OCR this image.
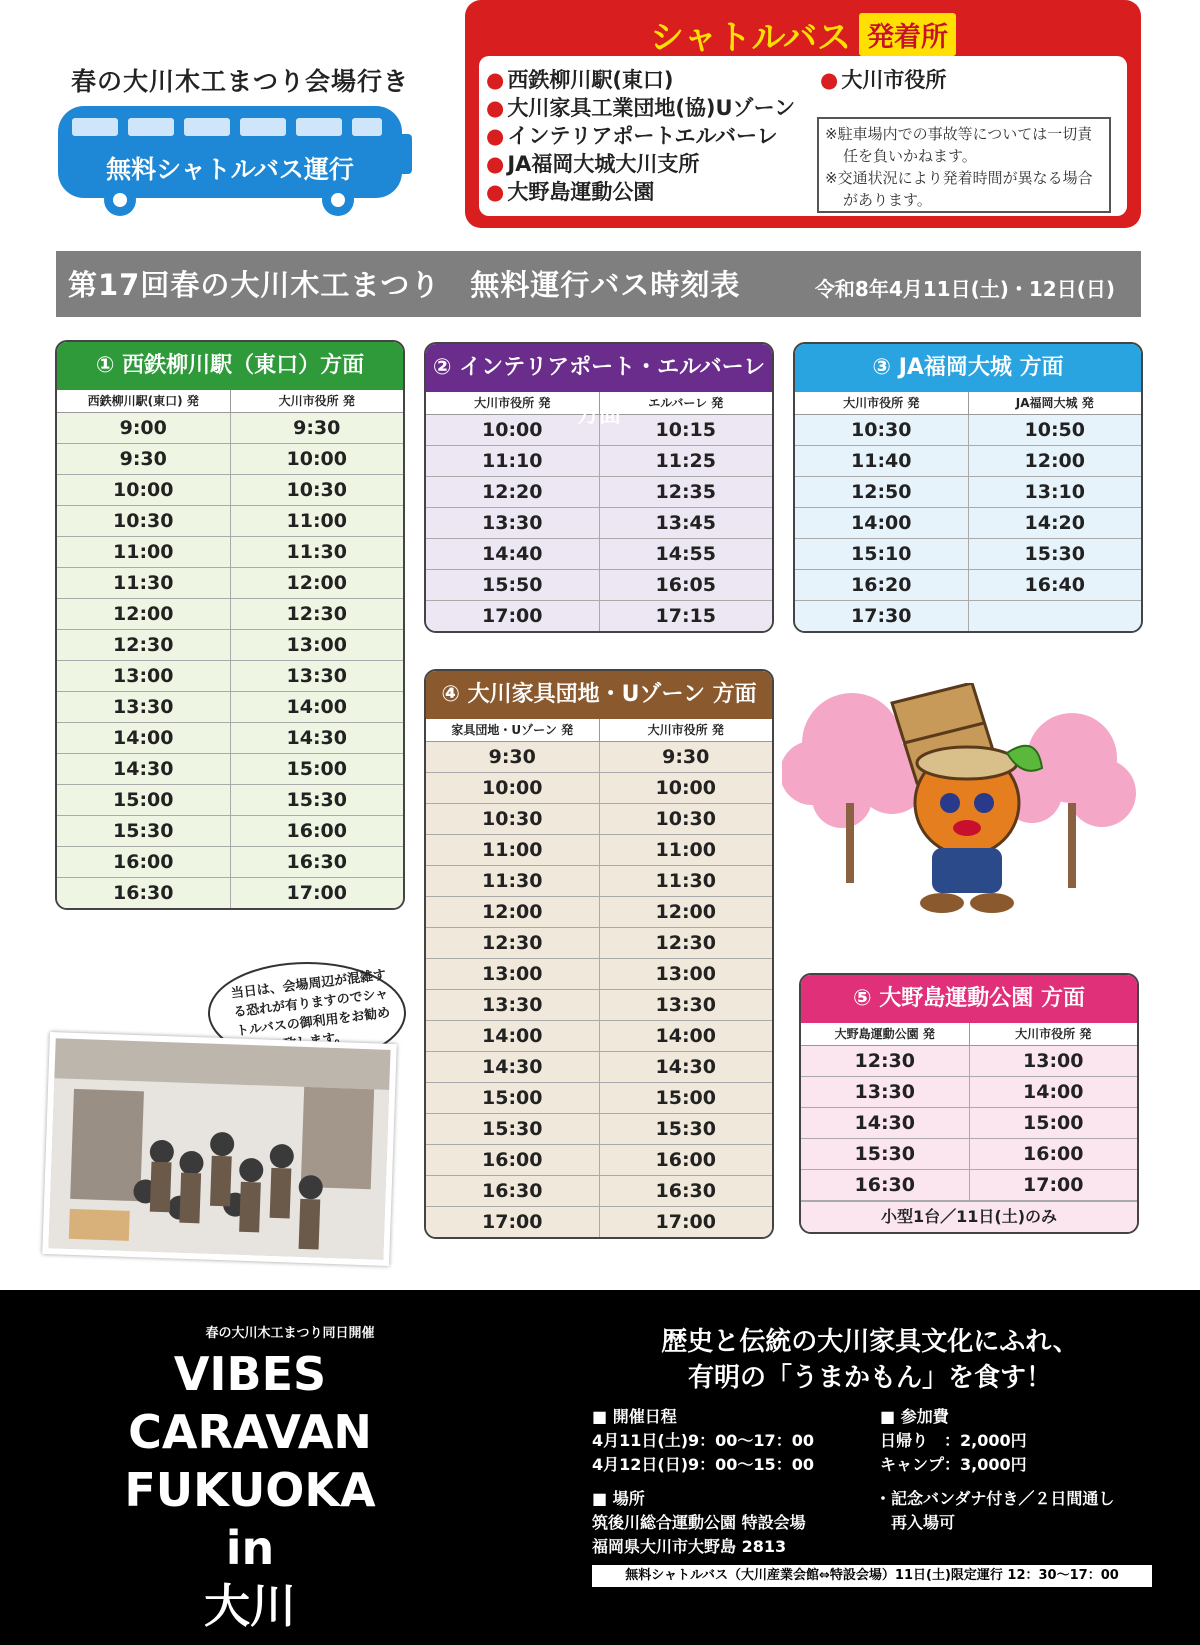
春の大川木工まつり会場行き
無料シャトルバス運行
シャトルバス 発着所
● 西鉄柳川駅(東口)
● 大川家具工業団地(協)Uゾーン
● インテリアポートエルバーレ
● JA福岡大城大川支所
● 大野島運動公園
● 大川市役所
※駐車場内での事故等については一切責任を負いかねます。
※交通状況により発着時間が異なる場合があります。
第17回春の大川木工まつり　無料運行バス時刻表	令和8年4月11日(土)・12日(日)
① 西鉄柳川駅（東口）方面
西鉄柳川駅(東口) 発	大川市役所 発
9:00	9:30
9:30	10:00
10:00	10:30
10:30	11:00
11:00	11:30
11:30	12:00
12:00	12:30
12:30	13:00
13:00	13:30
13:30	14:00
14:00	14:30
14:30	15:00
15:00	15:30
15:30	16:00
16:00	16:30
16:30	17:00
② インテリアポート・エルバーレ 方面
大川市役所 発	エルバーレ 発
10:00	10:15
11:10	11:25
12:20	12:35
13:30	13:45
14:40	14:55
15:50	16:05
17:00	17:15
③ JA福岡大城 方面
大川市役所 発	JA福岡大城 発
10:30	10:50
11:40	12:00
12:50	13:10
14:00	14:20
15:10	15:30
16:20	16:40
17:30
④ 大川家具団地・Uゾーン 方面
家具団地・Uゾーン 発	大川市役所 発
9:30	9:30
10:00	10:00
10:30	10:30
11:00	11:00
11:30	11:30
12:00	12:00
12:30	12:30
13:00	13:00
13:30	13:30
14:00	14:00
14:30	14:30
15:00	15:00
15:30	15:30
16:00	16:00
16:30	16:30
17:00	17:00
⑤ 大野島運動公園 方面
大野島運動公園 発	大川市役所 発
12:30	13:00
13:30	14:00
14:30	15:00
15:30	16:00
16:30	17:00
小型1台／11日(土)のみ
当日は、会場周辺が混雑する恐れが有りますのでシャトルバスの御利用をお勧め致します。
春の大川木工まつり同日開催
VIBES CARAVAN
FUKUOKA
in
大川
歴史と伝統の大川家具文化にふれ、
有明の「うまかもん」を食す！
■ 開催日程
4月11日(土)9：00〜17：00
4月12日(日)9：00〜15：00
■ 参加費
日帰り　：2,000円
キャンプ：3,000円
■ 場所
筑後川総合運動公園 特設会場
福岡県大川市大野島 2813
・記念バンダナ付き／２日間通し
　再入場可
無料シャトルバス（大川産業会館⇔特設会場）11日(土)限定運行 12：30〜17：00
